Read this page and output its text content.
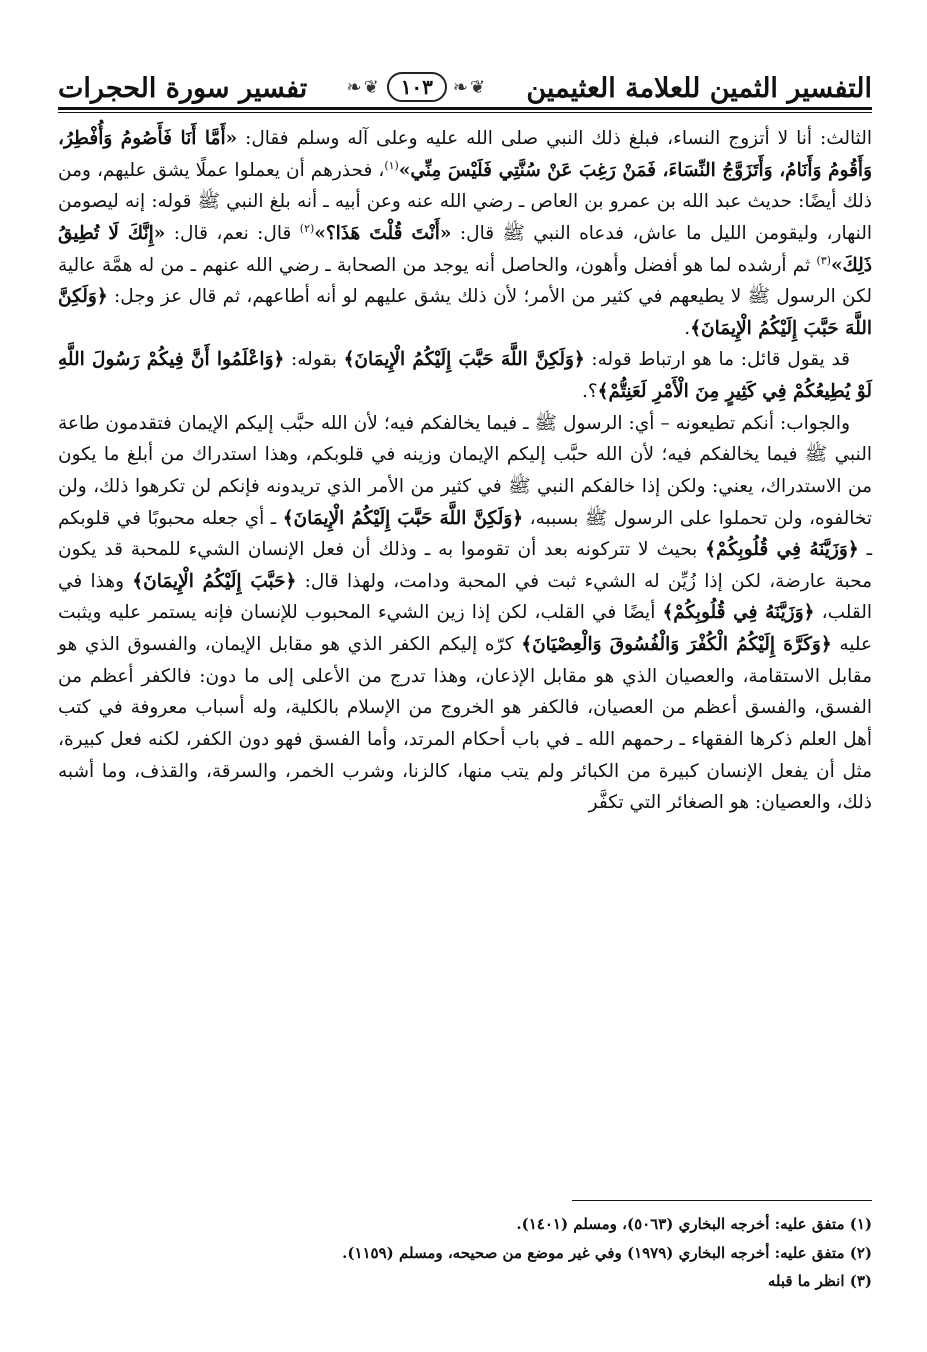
التفسير الثمين للعلامة العثيمين
❦❧
١٠٣
❦❧
تفسير سورة الحجرات

الثالث: أنا لا أتزوج النساء، فبلغ ذلك النبي صلى الله عليه وعلى آله وسلم فقال: «أَمَّا أَنَا فَأَصُومُ وَأُفْطِرُ، وَأَقُومُ وَأَنَامُ، وَأَتَزَوَّجُ النِّسَاءَ، فَمَنْ رَغِبَ عَنْ سُنَّتِي فَلَيْسَ مِنِّي»$^{(١)}$، فحذرهم أن يعملوا عملًا يشق عليهم، ومن ذلك أيضًا: حديث عبد الله بن عمرو بن العاص ـ رضي الله عنه وعن أبيه ـ أنه بلغ النبي ﷺ قوله: إنه ليصومن النهار، وليقومن الليل ما عاش، فدعاه النبي ﷺ قال: «أَنْتَ قُلْتَ هَذَا؟»$^{(٢)}$ قال: نعم، قال: «إِنَّكَ لَا تُطِيقُ ذَلِكَ»$^{(٣)}$ ثم أرشده لما هو أفضل وأهون، والحاصل أنه يوجد من الصحابة ـ رضي الله عنهم ـ من له همَّة عالية لكن الرسول ﷺ لا يطيعهم في كثير من الأمر؛ لأن ذلك يشق عليهم لو أنه أطاعهم، ثم قال عز وجل: ﴿وَلَكِنَّ اللَّهَ حَبَّبَ إِلَيْكُمُ الْإِيمَانَ﴾.

قد يقول قائل: ما هو ارتباط قوله: ﴿وَلَكِنَّ اللَّهَ حَبَّبَ إِلَيْكُمُ الْإِيمَانَ﴾ بقوله: ﴿وَاعْلَمُوا أَنَّ فِيكُمْ رَسُولَ اللَّهِ لَوْ يُطِيعُكُمْ فِي كَثِيرٍ مِنَ الْأَمْرِ لَعَنِتُّمْ﴾؟.

والجواب: أنكم تطيعونه – أي: الرسول ﷺ ـ فيما يخالفكم فيه؛ لأن الله حبَّب إليكم الإيمان فتقدمون طاعة النبي ﷺ فيما يخالفكم فيه؛ لأن الله حبَّب إليكم الإيمان وزينه في قلوبكم، وهذا استدراك من أبلغ ما يكون من الاستدراك، يعني: ولكن إذا خالفكم النبي ﷺ في كثير من الأمر الذي تريدونه فإنكم لن تكرهوا ذلك، ولن تخالفوه، ولن تحملوا على الرسول ﷺ بسببه، ﴿وَلَكِنَّ اللَّهَ حَبَّبَ إِلَيْكُمُ الْإِيمَانَ﴾ ـ أي جعله محبوبًا في قلوبكم ـ ﴿وَزَيَّنَهُ فِي قُلُوبِكُمْ﴾ بحيث لا تتركونه بعد أن تقوموا به ـ وذلك أن فعل الإنسان الشيء للمحبة قد يكون محبة عارضة، لكن إذا زُيِّن له الشيء ثبت في المحبة ودامت، ولهذا قال: ﴿حَبَّبَ إِلَيْكُمُ الْإِيمَانَ﴾ وهذا في القلب، ﴿وَزَيَّنَهُ فِي قُلُوبِكُمْ﴾ أيضًا في القلب، لكن إذا زين الشيء المحبوب للإنسان فإنه يستمر عليه ويثبت عليه ﴿وَكَرَّهَ إِلَيْكُمُ الْكُفْرَ وَالْفُسُوقَ وَالْعِصْيَانَ﴾ كرّه إليكم الكفر الذي هو مقابل الإيمان، والفسوق الذي هو مقابل الاستقامة، والعصيان الذي هو مقابل الإذعان، وهذا تدرج من الأعلى إلى ما دون: فالكفر أعظم من الفسق، والفسق أعظم من العصيان، فالكفر هو الخروج من الإسلام بالكلية، وله أسباب معروفة في كتب أهل العلم ذكرها الفقهاء ـ رحمهم الله ـ في باب أحكام المرتد، وأما الفسق فهو دون الكفر، لكنه فعل كبيرة، مثل أن يفعل الإنسان كبيرة من الكبائر ولم يتب منها، كالزنا، وشرب الخمر، والسرقة، والقذف، وما أشبه ذلك، والعصيان: هو الصغائر التي تكفَّر

(١) متفق عليه: أخرجه البخاري (٥٠٦٣)، ومسلم (١٤٠١).
(٢) متفق عليه: أخرجه البخاري (١٩٧٩) وفي غير موضع من صحيحه، ومسلم (١١٥٩).
(٣) انظر ما قبله
